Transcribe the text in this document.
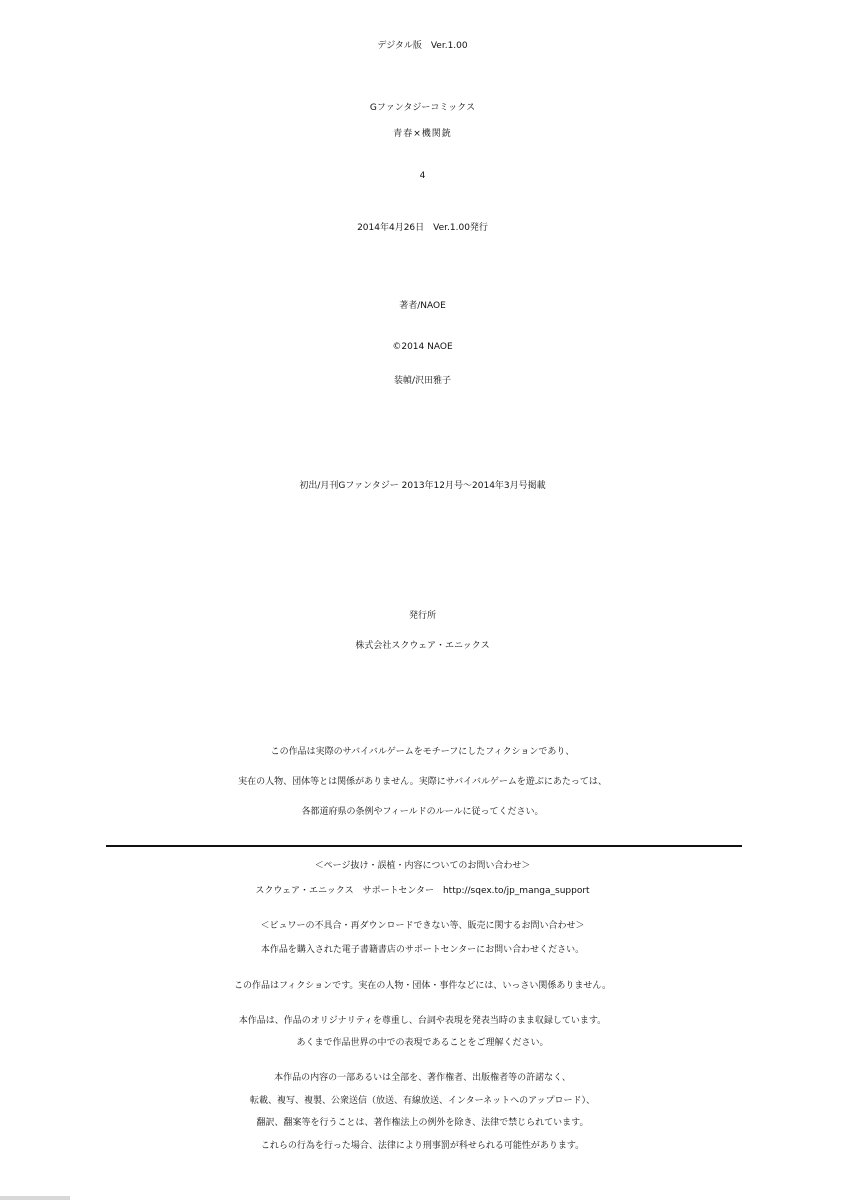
デジタル版　Ver.1.00
Gファンタジーコミックス
青春×機関銃
4
2014年4月26日　Ver.1.00発行
著者/NAOE
©2014 NAOE
装幀/沢田雅子
初出/月刊Gファンタジー 2013年12月号～2014年3月号掲載
発行所
株式会社スクウェア・エニックス
この作品は実際のサバイバルゲームをモチーフにしたフィクションであり、
実在の人物、団体等とは関係がありません。実際にサバイバルゲームを遊ぶにあたっては、
各都道府県の条例やフィールドのルールに従ってください。
＜ページ抜け・誤植・内容についてのお問い合わせ＞
スクウェア・エニックス　サポートセンター　http://sqex.to/jp_manga_support
＜ビュワーの不具合・再ダウンロードできない等、販売に関するお問い合わせ＞
本作品を購入された電子書籍書店のサポートセンターにお問い合わせください。
この作品はフィクションです。実在の人物・団体・事件などには、いっさい関係ありません。
本作品は、作品のオリジナリティを尊重し、台詞や表現を発表当時のまま収録しています。
あくまで作品世界の中での表現であることをご理解ください。
本作品の内容の一部あるいは全部を、著作権者、出版権者等の許諾なく、
転載、複写、複製、公衆送信（放送、有線放送、インターネットへのアップロード）、
翻訳、翻案等を行うことは、著作権法上の例外を除き、法律で禁じられています。
これらの行為を行った場合、法律により刑事罰が科せられる可能性があります。
